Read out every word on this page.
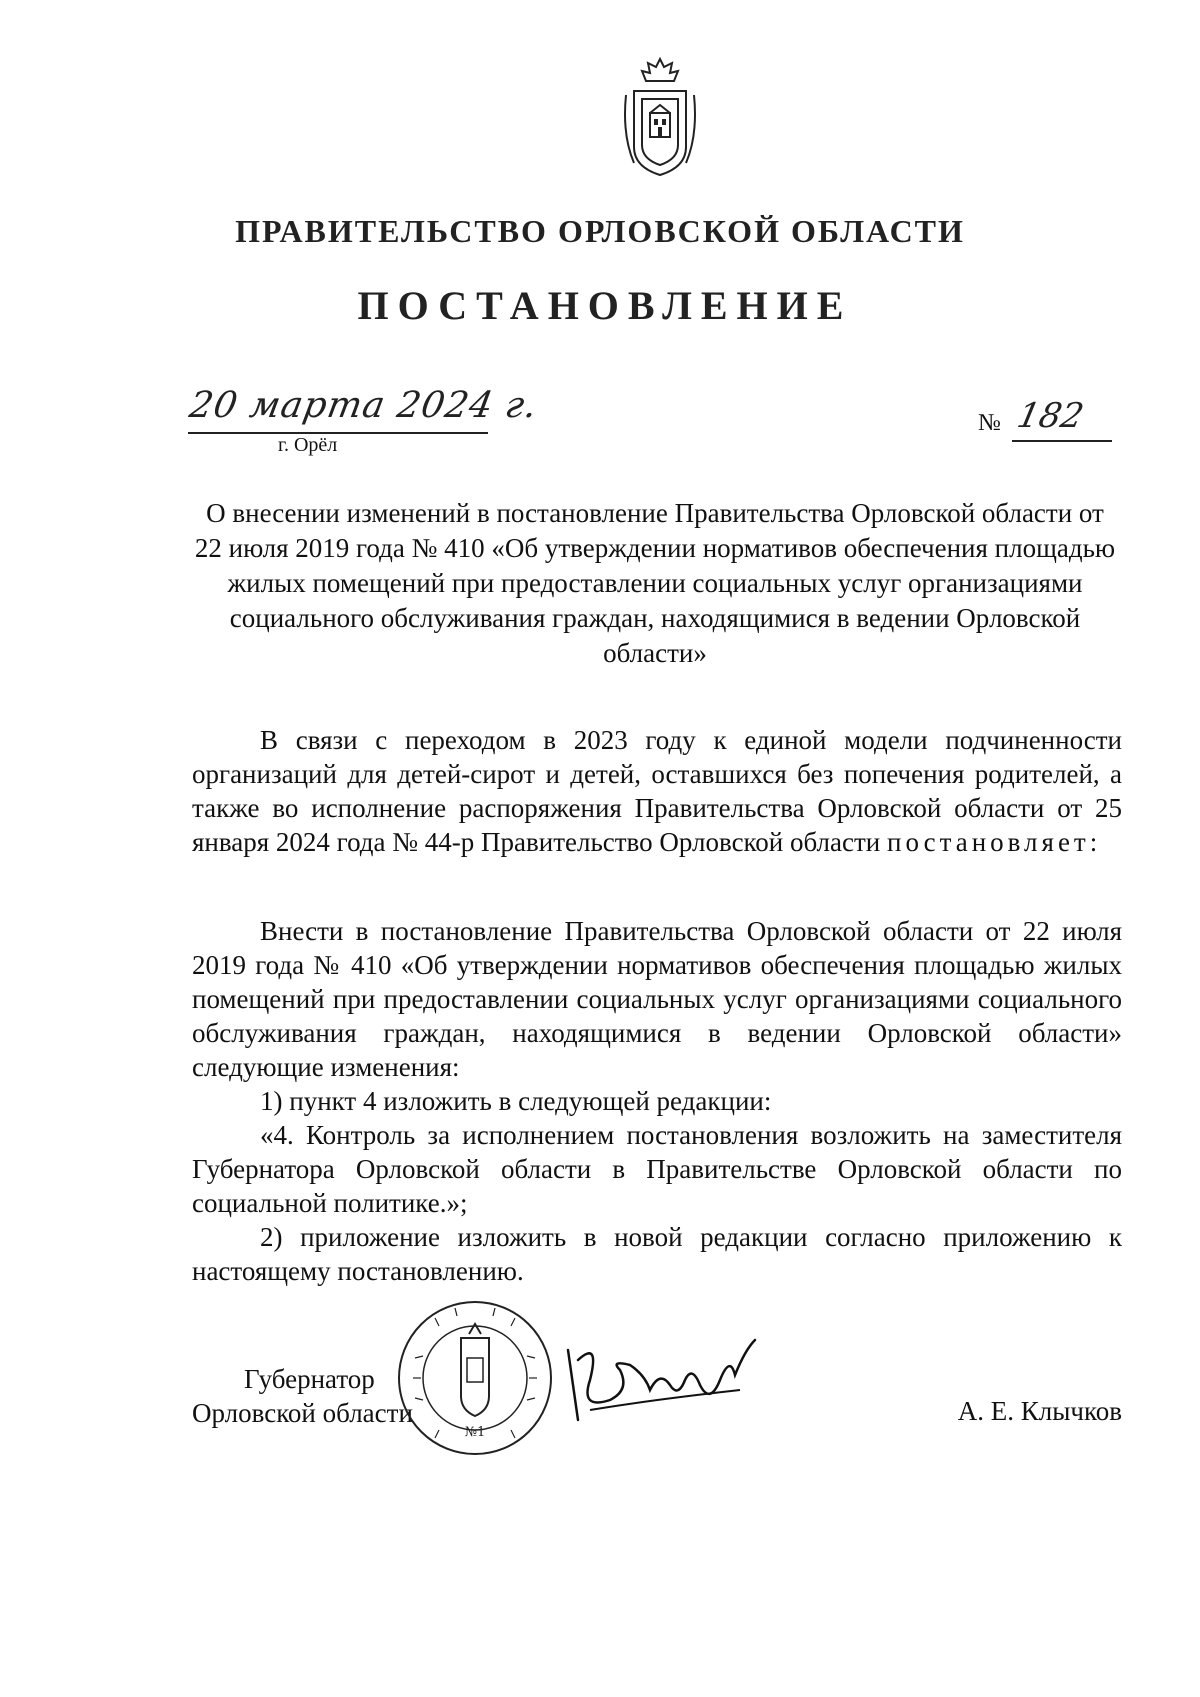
ПРАВИТЕЛЬСТВО ОРЛОВСКОЙ ОБЛАСТИ
ПОСТАНОВЛЕНИЕ
20 марта 2024 г.
г. Орёл
№ 182
О внесении изменений в постановление Правительства Орловской области от 22 июля 2019 года № 410 «Об утверждении нормативов обеспечения площадью жилых помещений при предоставлении социальных услуг организациями социального обслуживания граждан, находящимися в ведении Орловской области»

В связи с переходом в 2023 году к единой модели подчиненности организаций для детей-сирот и детей, оставшихся без попечения родителей, а также во исполнение распоряжения Правительства Орловской области от 25 января 2024 года № 44-р Правительство Орловской области постановляет:

Внести в постановление Правительства Орловской области от 22 июля 2019 года № 410 «Об утверждении нормативов обеспечения площадью жилых помещений при предоставлении социальных услуг организациями социального обслуживания граждан, находящимися в ведении Орловской области» следующие изменения:

1) пункт 4 изложить в следующей редакции:

«4. Контроль за исполнением постановления возложить на заместителя Губернатора Орловской области в Правительстве Орловской области по социальной политике.»;

2) приложение изложить в новой редакции согласно приложению к настоящему постановлению.

Губернатор
Орловской области
№1
А. Е. Клычков
